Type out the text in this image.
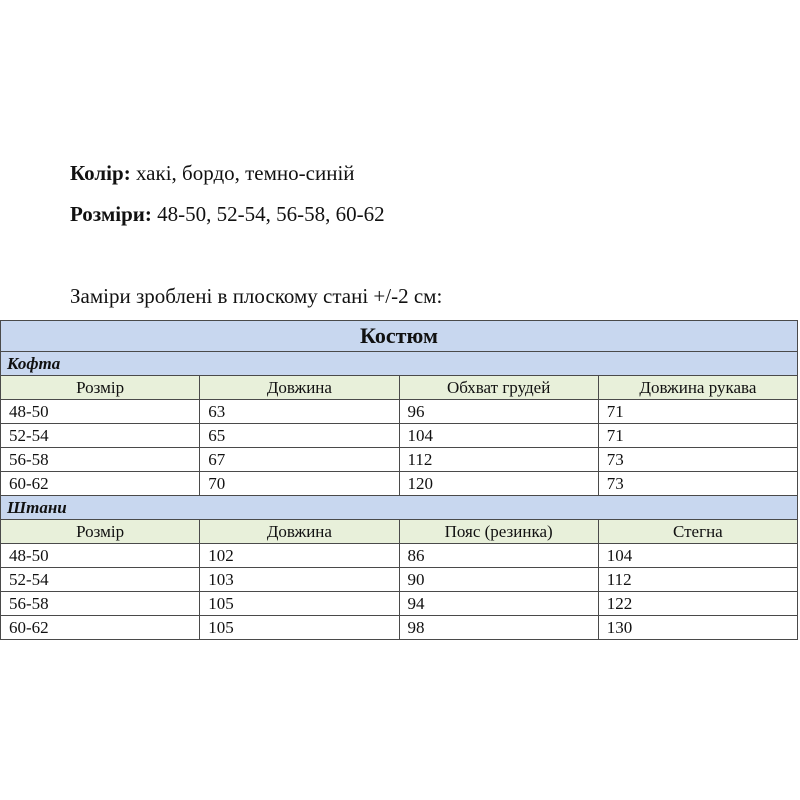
Колір: хакі, бордо, темно-синій
Розміри: 48-50, 52-54, 56-58, 60-62
Заміри зроблені в плоскому стані +/-2 см:
Костюм			
Кофта			
Розмір	Довжина	Обхват грудей	Довжина рукава
48-50	63	96	71
52-54	65	104	71
56-58	67	112	73
60-62	70	120	73
Штани			
Розмір	Довжина	Пояс (резинка)	Стегна
48-50	102	86	104
52-54	103	90	112
56-58	105	94	122
60-62	105	98	130
